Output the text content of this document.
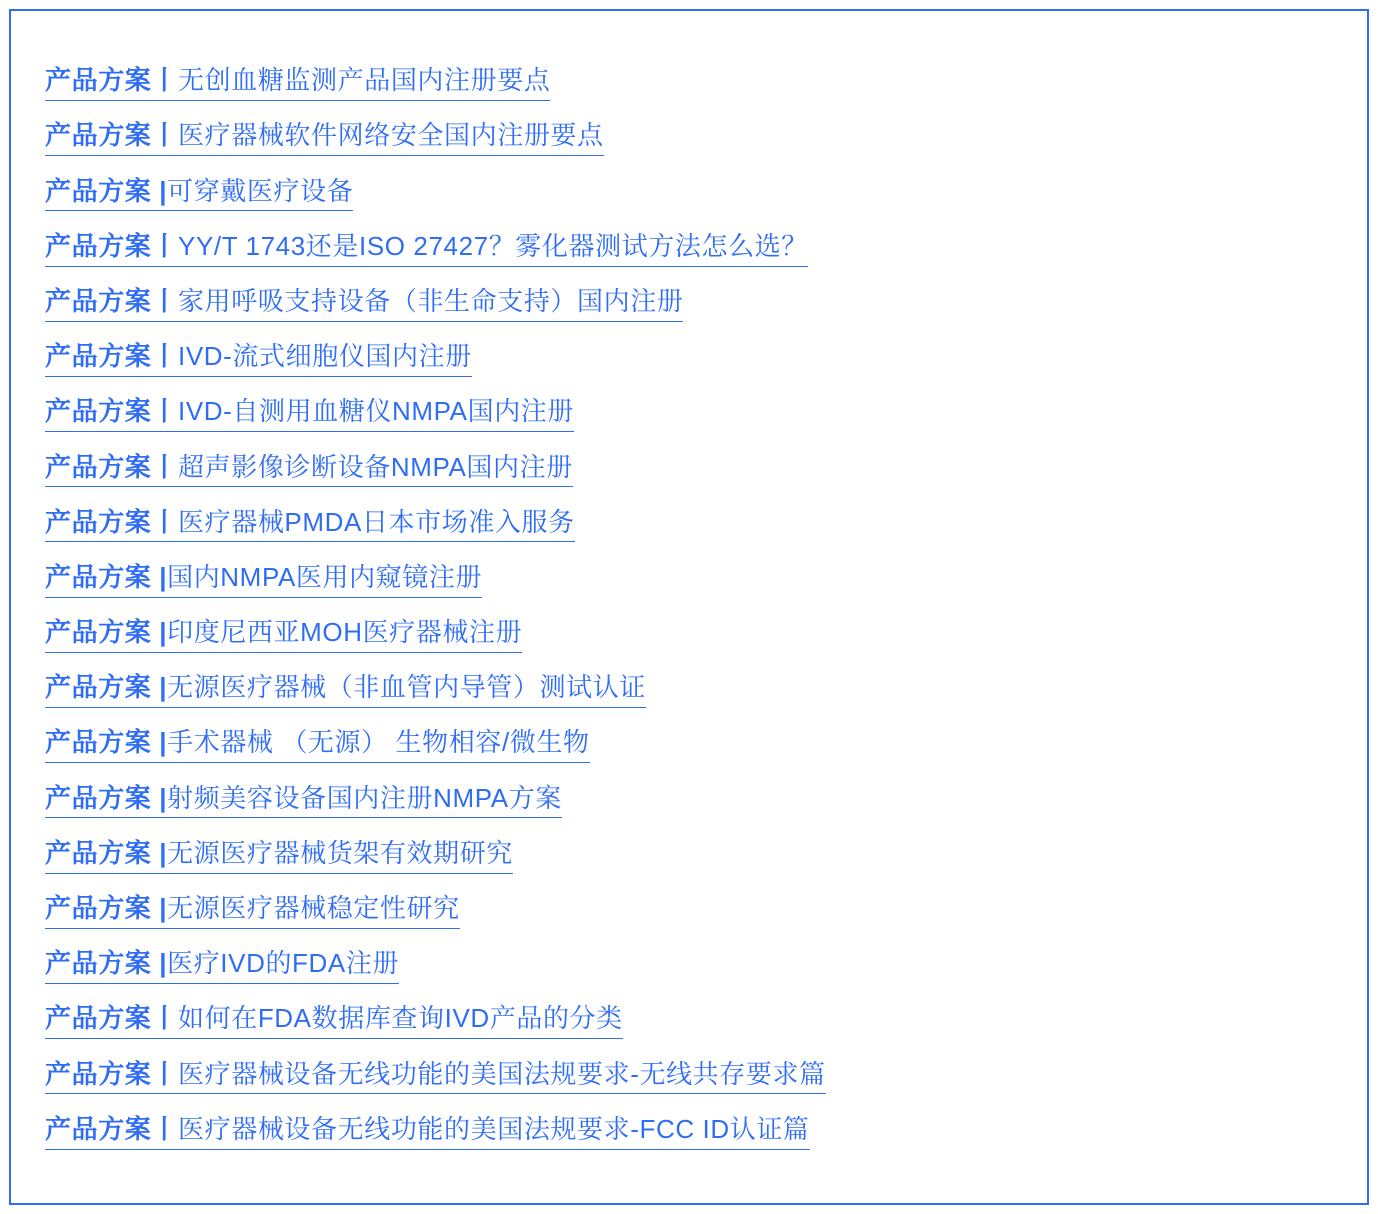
产品方案丨无创血糖监测产品国内注册要点
产品方案丨医疗器械软件网络安全国内注册要点
产品方案 |可穿戴医疗设备
产品方案丨YY/T 1743还是ISO 27427？雾化器测试方法怎么选？
产品方案丨家用呼吸支持设备（非生命支持）国内注册
产品方案丨IVD-流式细胞仪国内注册
产品方案丨IVD-自测用血糖仪NMPA国内注册
产品方案丨超声影像诊断设备NMPA国内注册
产品方案丨医疗器械PMDA日本市场准入服务
产品方案 |国内NMPA医用内窥镜注册
产品方案 |印度尼西亚MOH医疗器械注册
产品方案 |无源医疗器械（非血管内导管）测试认证
产品方案 |手术器械 （无源） 生物相容/微生物
产品方案 |射频美容设备国内注册NMPA方案
产品方案 |无源医疗器械货架有效期研究
产品方案 |无源医疗器械稳定性研究
产品方案 |医疗IVD的FDA注册
产品方案丨如何在FDA数据库查询IVD产品的分类
产品方案丨医疗器械设备无线功能的美国法规要求-无线共存要求篇
产品方案丨医疗器械设备无线功能的美国法规要求-FCC ID认证篇
